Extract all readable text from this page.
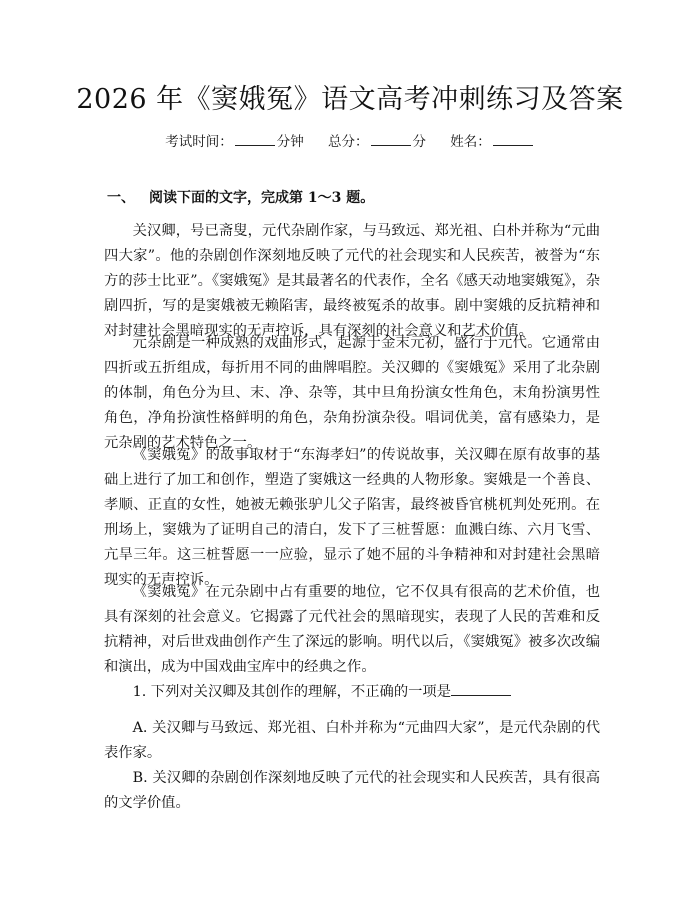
2026 年《窦娥冤》语文高考冲刺练习及答案
考试时间：	分钟 总分：	分 姓名：
一、 阅读下面的文字，完成第 1～3 题。

关汉卿，号已斋叟，元代杂剧作家，与马致远、郑光祖、白朴并称为“元曲四大家”。他的杂剧创作深刻地反映了元代的社会现实和人民疾苦，被誉为“东方的莎士比亚”。《窦娥冤》是其最著名的代表作，全名《感天动地窦娥冤》，杂剧四折，写的是窦娥被无赖陷害，最终被冤杀的故事。剧中窦娥的反抗精神和对封建社会黑暗现实的无声控诉，具有深刻的社会意义和艺术价值。

元杂剧是一种成熟的戏曲形式，起源于金末元初，盛行于元代。它通常由四折或五折组成，每折用不同的曲牌唱腔。关汉卿的《窦娥冤》采用了北杂剧的体制，角色分为旦、末、净、杂等，其中旦角扮演女性角色，末角扮演男性角色，净角扮演性格鲜明的角色，杂角扮演杂役。唱词优美，富有感染力，是元杂剧的艺术特色之一。

《窦娥冤》的故事取材于“东海孝妇”的传说故事，关汉卿在原有故事的基础上进行了加工和创作，塑造了窦娥这一经典的人物形象。窦娥是一个善良、孝顺、正直的女性，她被无赖张驴儿父子陷害，最终被昏官桃杌判处死刑。在刑场上，窦娥为了证明自己的清白，发下了三桩誓愿：血溅白练、六月飞雪、亢旱三年。这三桩誓愿一一应验，显示了她不屈的斗争精神和对封建社会黑暗现实的无声控诉。

《窦娥冤》在元杂剧中占有重要的地位，它不仅具有很高的艺术价值，也具有深刻的社会意义。它揭露了元代社会的黑暗现实，表现了人民的苦难和反抗精神，对后世戏曲创作产生了深远的影响。明代以后，《窦娥冤》被多次改编和演出，成为中国戏曲宝库中的经典之作。

1. 下列对关汉卿及其创作的理解，不正确的一项是

A. 关汉卿与马致远、郑光祖、白朴并称为“元曲四大家”，是元代杂剧的代表作家。

B. 关汉卿的杂剧创作深刻地反映了元代的社会现实和人民疾苦，具有很高的文学价值。
